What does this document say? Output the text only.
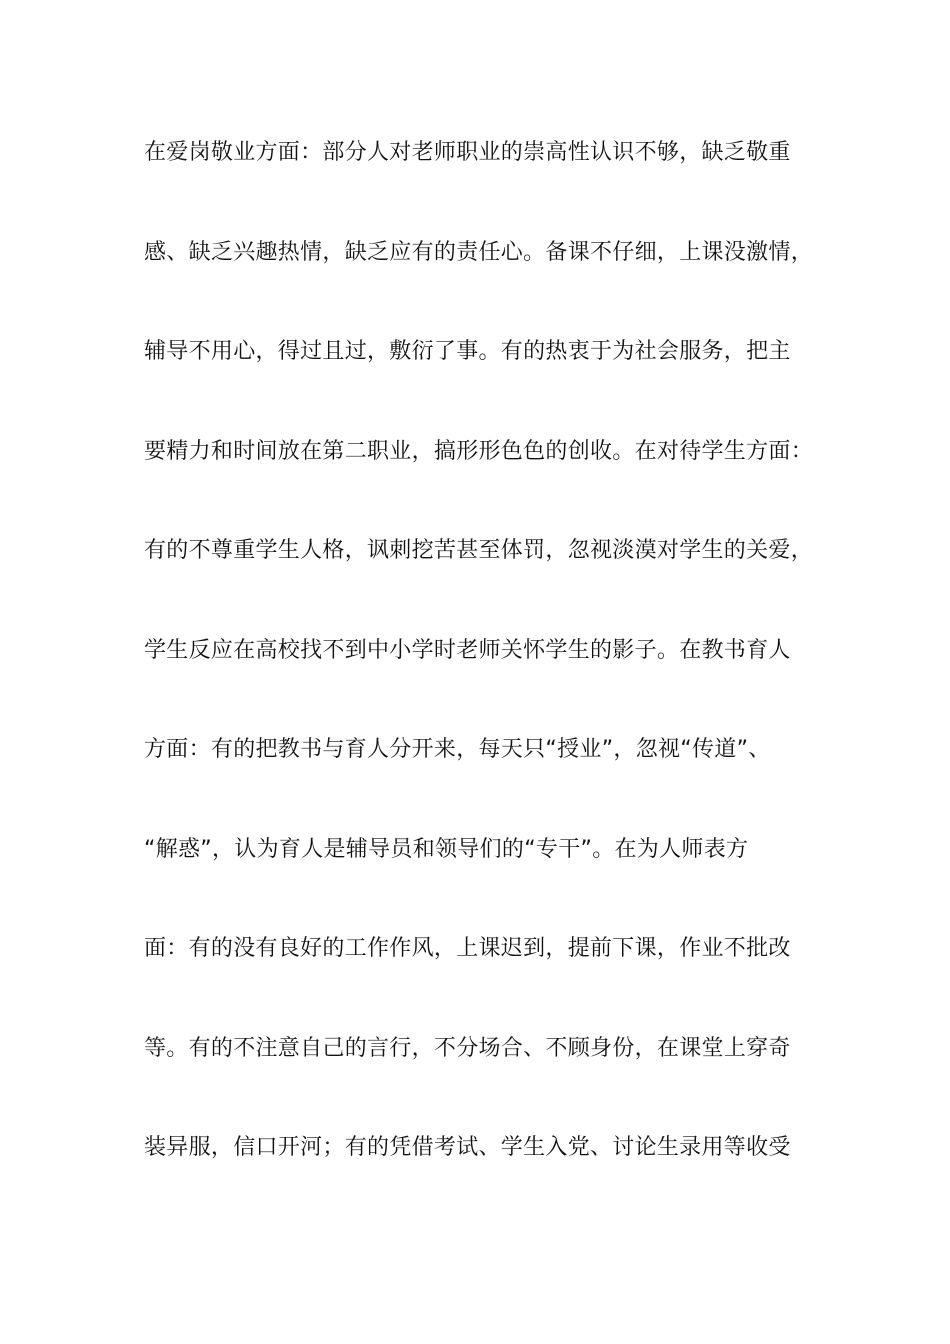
在爱岗敬业方面：部分人对老师职业的崇高性认识不够，缺乏敬重
感、缺乏兴趣热情，缺乏应有的责任心。备课不仔细，上课没激情，
辅导不用心，得过且过，敷衍了事。有的热衷于为社会服务，把主
要精力和时间放在第二职业，搞形形色色的创收。在对待学生方面：
有的不尊重学生人格，讽刺挖苦甚至体罚，忽视淡漠对学生的关爱，
学生反应在高校找不到中小学时老师关怀学生的影子。在教书育人
方面：有的把教书与育人分开来，每天只“授业”，忽视“传道”、
“解惑”，认为育人是辅导员和领导们的“专干”。在为人师表方
面：有的没有良好的工作作风，上课迟到，提前下课，作业不批改
等。有的不注意自己的言行，不分场合、不顾身份，在课堂上穿奇
装异服，信口开河；有的凭借考试、学生入党、讨论生录用等收受
